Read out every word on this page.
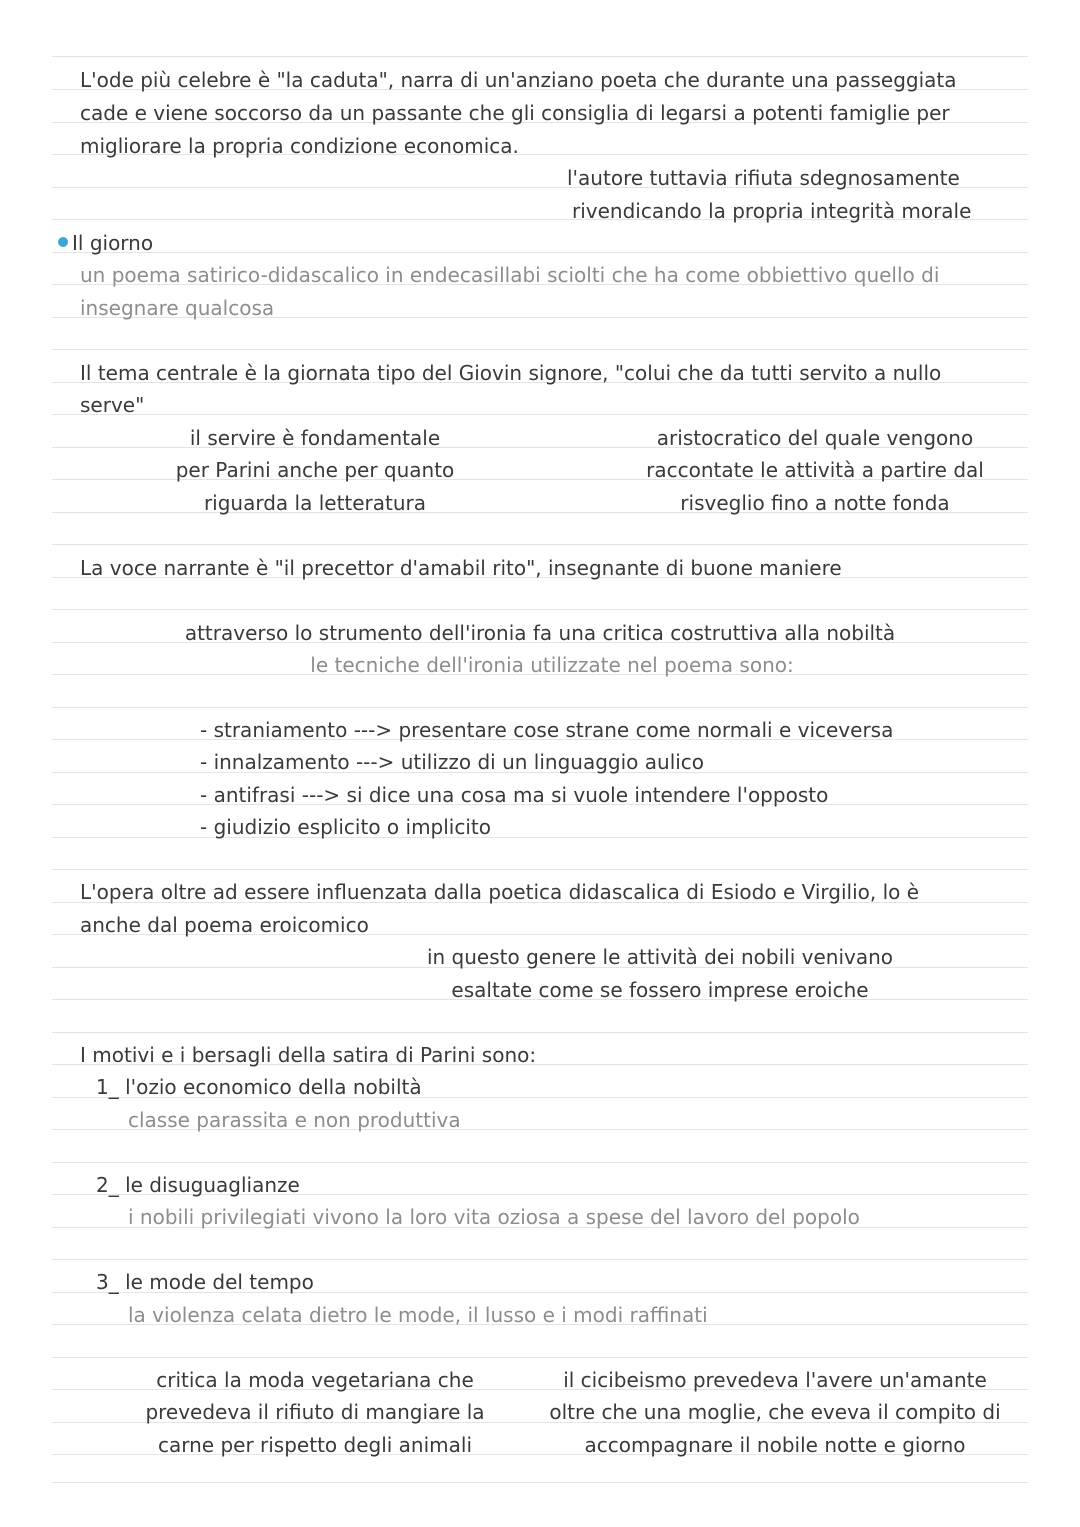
L'ode più celebre è "la caduta", narra di un'anziano poeta che durante una passeggiata
cade e viene soccorso da un passante che gli consiglia di legarsi a potenti famiglie per
migliorare la propria condizione economica.
l'autore tuttavia rifiuta sdegnosamente
rivendicando la propria integrità morale
Il giorno
un poema satirico-didascalico in endecasillabi sciolti che ha come obbiettivo quello di
insegnare qualcosa
Il tema centrale è la giornata tipo del Giovin signore, "colui che da tutti servito a nullo
serve"
il servire è fondamentale
per Parini anche per quanto
riguarda la letteratura
aristocratico del quale vengono
raccontate le attività a partire dal
risveglio fino a notte fonda
La voce narrante è "il precettor d'amabil rito", insegnante di buone maniere
attraverso lo strumento dell'ironia fa una critica costruttiva alla nobiltà
le tecniche dell'ironia utilizzate nel poema sono:
- straniamento ---> presentare cose strane come normali e viceversa
- innalzamento ---> utilizzo di un linguaggio aulico
- antifrasi ---> si dice una cosa ma si vuole intendere l'opposto
- giudizio esplicito o implicito
L'opera oltre ad essere influenzata dalla poetica didascalica di Esiodo e Virgilio, lo è
anche dal poema eroicomico
in questo genere le attività dei nobili venivano
esaltate come se fossero imprese eroiche
I motivi e i bersagli della satira di Parini sono:
1_ l'ozio economico della nobiltà
classe parassita e non produttiva
2_ le disuguaglianze
i nobili privilegiati vivono la loro vita oziosa a spese del lavoro del popolo
3_ le mode del tempo
la violenza celata dietro le mode, il lusso e i modi raffinati
critica la moda vegetariana che
prevedeva il rifiuto di mangiare la
carne per rispetto degli animali
il cicibeismo prevedeva l'avere un'amante
oltre che una moglie, che eveva il compito di
accompagnare il nobile notte e giorno
